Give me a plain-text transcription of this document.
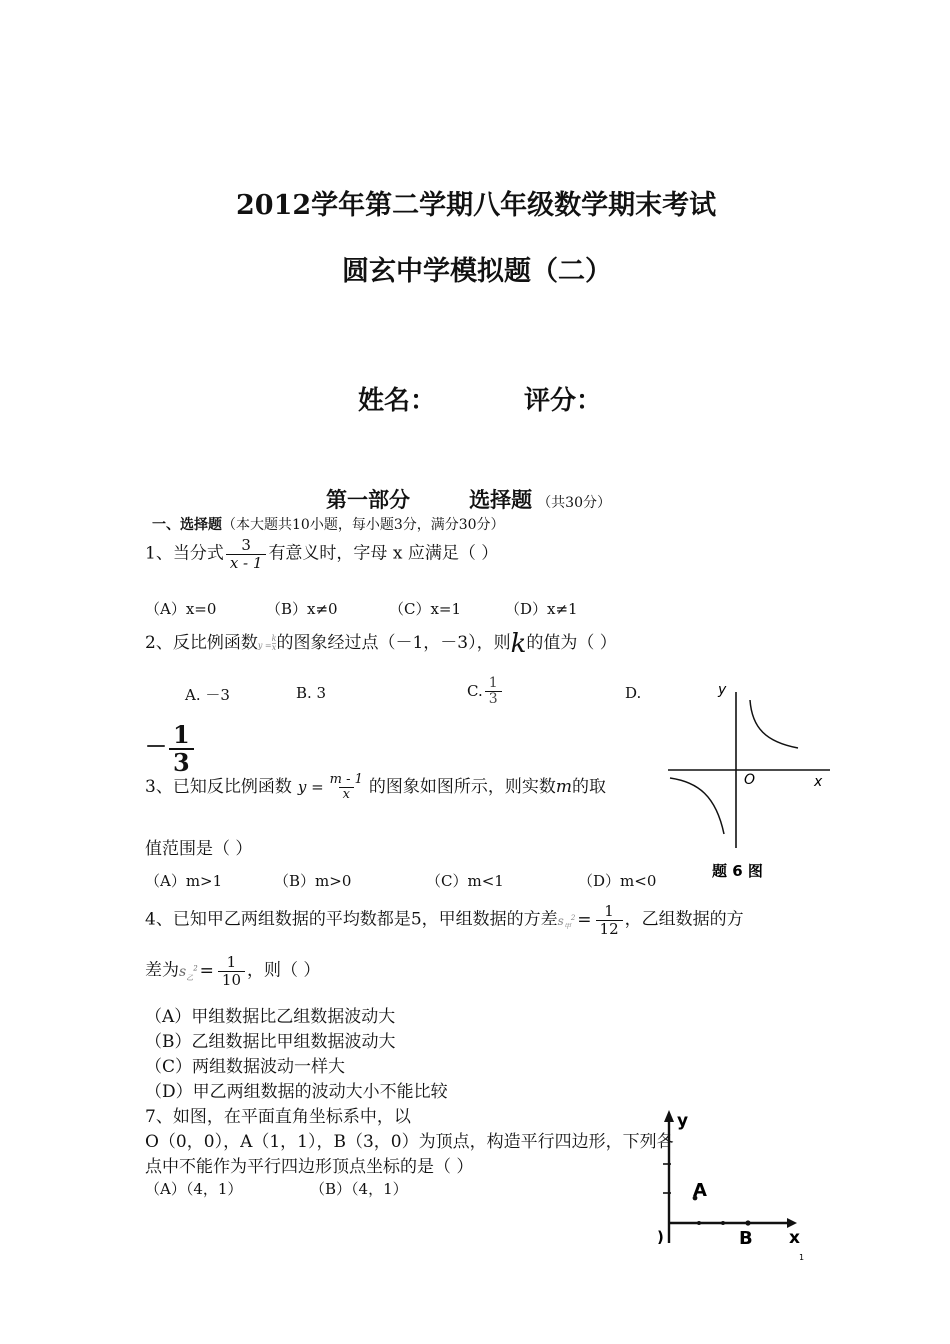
2012学年第二学期八年级数学期末考试
圆玄中学模拟题（二）
姓名：	评分：
第一部分	选择题 （共30分）
一、选择题（本大题共10小题，每小题3分，满分30分）
1、当分式 $\frac{3}{x - 1}$ 有意义时，字母 x 应满足（ ）
（A）x=0	（B）x≠0	（C）x=1	（D）x≠1
2、反比例函数$y = \frac{k}{x}$ 的图象经过点（－1，－3），则k的值为（ ）
A. －3	B. 3	C. $\frac{1}{3}$	D.
－ $\frac{1}{3}$
y
x
O
题 6 图
3、已知反比例函数 $y = \frac{m - 1}{x}$ 的图象如图所示，则实数m的取
值范围是（ ）
（A）m>1	（B）m>0	（C）m<1	（D）m<0
4、已知甲乙两组数据的平均数都是5，甲组数据的方差$s_甲^2 = \frac{1}{12}$ ，乙组数据的方
差为$s_乙^2 = \frac{1}{10}$ ，则（ ）
（A）甲组数据比乙组数据波动大
（B）乙组数据比甲组数据波动大
（C）两组数据波动一样大
（D）甲乙两组数据的波动大小不能比较
7、如图，在平面直角坐标系中，以
O（0，0），A（1，1），B（3，0）为顶点，构造平行四边形，下列各
点中不能作为平行四边形顶点坐标的是（ ）
（A）（4，1）	（B）（4，1）
y
x
A
B
)
1
